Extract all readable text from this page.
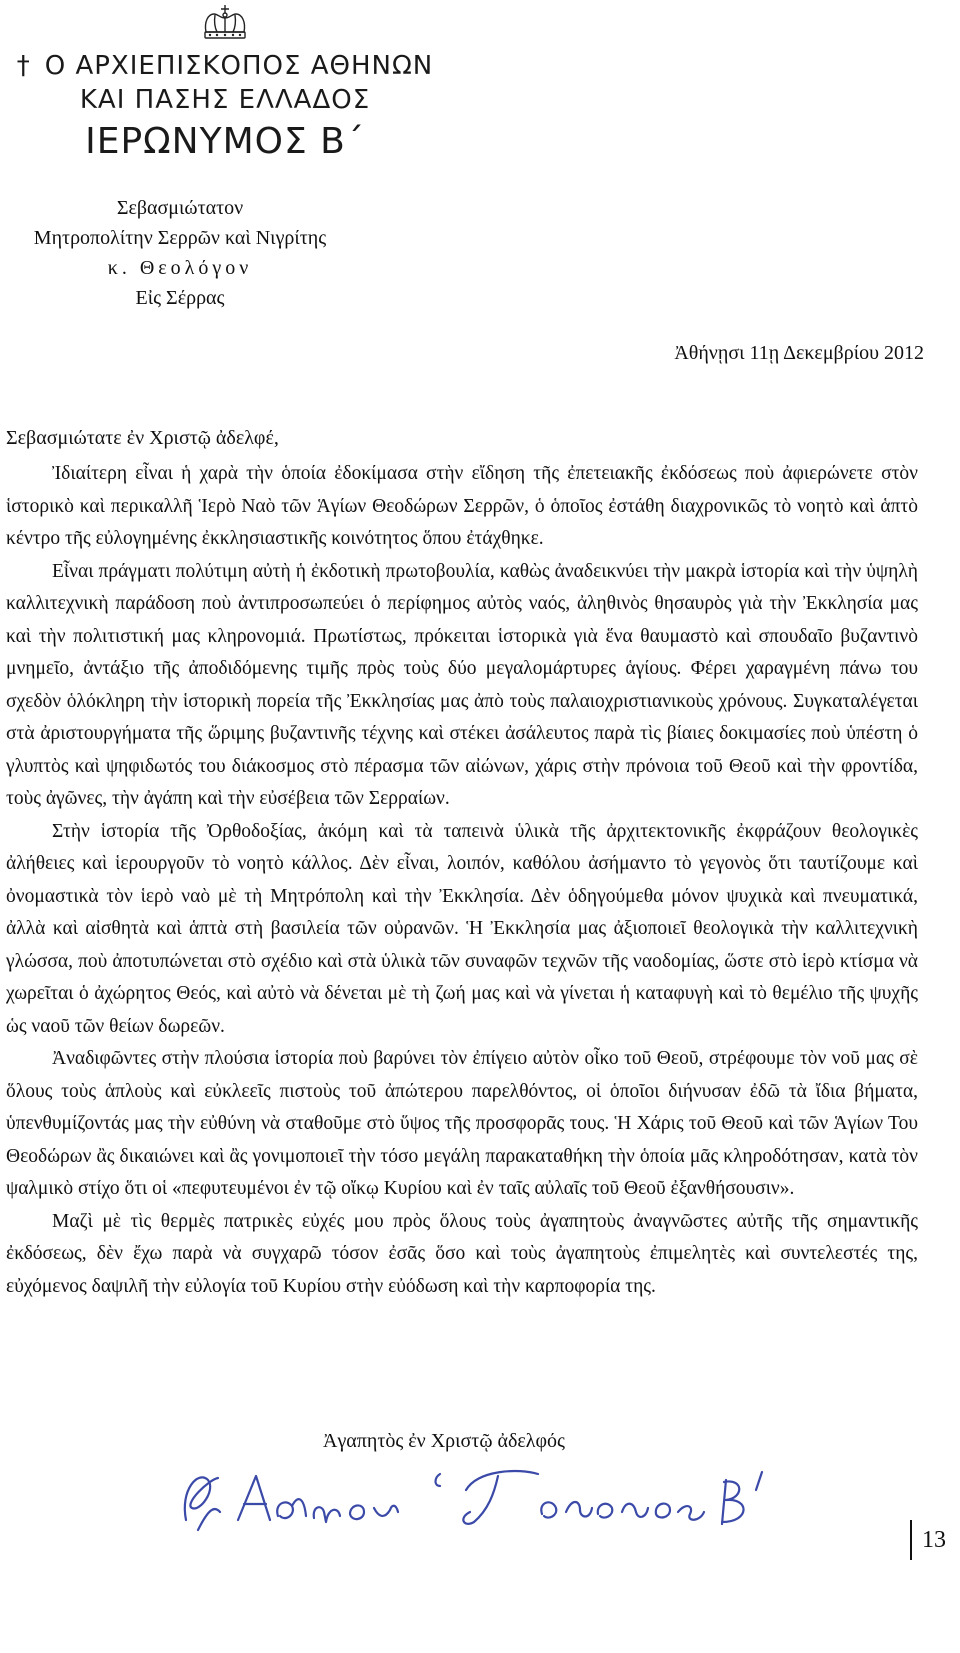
† Ο ΑΡΧΙΕΠΙΣΚΟΠΟΣ ΑΘΗΝΩΝ
ΚΑΙ ΠΑΣΗΣ ΕΛΛΑΔΟΣ
ΙΕΡΩΝΥΜΟΣ Β΄
Σεβασμιώτατον
Μητροπολίτην Σερρῶν καὶ Νιγρίτης
κ. Θεολόγον
Εἰς Σέρρας
Ἀθήνῃσι 11ῃ Δεκεμβρίου 2012
Σεβασμιώτατε ἐν Χριστῷ ἀδελφέ,

Ἰδιαίτερη εἶναι ἡ χαρὰ τὴν ὁποία ἐδοκίμασα στὴν εἴδηση τῆς ἐπετειακῆς ἐκδόσεως ποὺ ἀφιερώνετε στὸν ἱστορικὸ καὶ περικαλλῆ Ἱερὸ Ναὸ τῶν Ἁγίων Θεοδώρων Σερρῶν, ὁ ὁποῖος ἐστάθη διαχρονικῶς τὸ νοητὸ καὶ ἁπτὸ κέντρο τῆς εὐλογημένης ἐκκλησιαστικῆς κοινότητος ὅπου ἐτάχθηκε.

Εἶναι πράγματι πολύτιμη αὐτὴ ἡ ἐκδοτικὴ πρωτοβουλία, καθὼς ἀναδεικνύει τὴν μακρὰ ἱστορία καὶ τὴν ὑψηλὴ καλλιτεχνικὴ παράδοση ποὺ ἀντιπροσωπεύει ὁ περίφημος αὐτὸς ναός, ἀληθινὸς θησαυρὸς γιὰ τὴν Ἐκκλησία μας καὶ τὴν πολιτιστική μας κληρονομιά. Πρωτίστως, πρόκειται ἱστορικὰ γιὰ ἕνα θαυμαστὸ καὶ σπουδαῖο βυζαντινὸ μνημεῖο, ἀντάξιο τῆς ἀποδιδόμενης τιμῆς πρὸς τοὺς δύο μεγαλομάρτυρες ἁγίους. Φέρει χαραγμένη πάνω του σχεδὸν ὁλόκληρη τὴν ἱστορικὴ πορεία τῆς Ἐκκλησίας μας ἀπὸ τοὺς παλαιοχριστιανικοὺς χρόνους. Συγκαταλέγεται στὰ ἀριστουργήματα τῆς ὥριμης βυζαντινῆς τέχνης καὶ στέκει ἀσάλευτος παρὰ τὶς βίαιες δοκιμασίες ποὺ ὑπέστη ὁ γλυπτὸς καὶ ψηφιδωτός του διάκοσμος στὸ πέρασμα τῶν αἰώνων, χάρις στὴν πρόνοια τοῦ Θεοῦ καὶ τὴν φροντίδα, τοὺς ἀγῶνες, τὴν ἀγάπη καὶ τὴν εὐσέβεια τῶν Σερραίων.

Στὴν ἱστορία τῆς Ὀρθοδοξίας, ἀκόμη καὶ τὰ ταπεινὰ ὑλικὰ τῆς ἀρχιτεκτονικῆς ἐκφράζουν θεολογικὲς ἀλήθειες καὶ ἱερουργοῦν τὸ νοητὸ κάλλος. Δὲν εἶναι, λοιπόν, καθόλου ἀσήμαντο τὸ γεγονὸς ὅτι ταυτίζουμε καὶ ὀνομαστικὰ τὸν ἱερὸ ναὸ μὲ τὴ Μητρόπολη καὶ τὴν Ἐκκλησία. Δὲν ὁδηγούμεθα μόνον ψυχικὰ καὶ πνευματικά, ἀλλὰ καὶ αἰσθητὰ καὶ ἁπτὰ στὴ βασιλεία τῶν οὐρανῶν. Ἡ Ἐκκλησία μας ἀξιοποιεῖ θεολογικὰ τὴν καλλιτεχνικὴ γλώσσα, ποὺ ἀποτυπώνεται στὸ σχέδιο καὶ στὰ ὑλικὰ τῶν συναφῶν τεχνῶν τῆς ναοδομίας, ὥστε στὸ ἱερὸ κτίσμα νὰ χωρεῖται ὁ ἀχώρητος Θεός, καὶ αὐτὸ νὰ δένεται μὲ τὴ ζωή μας καὶ νὰ γίνεται ἡ καταφυγὴ καὶ τὸ θεμέλιο τῆς ψυχῆς ὡς ναοῦ τῶν θείων δωρεῶν.

Ἀναδιφῶντες στὴν πλούσια ἱστορία ποὺ βαρύνει τὸν ἐπίγειο αὐτὸν οἶκο τοῦ Θεοῦ, στρέφουμε τὸν νοῦ μας σὲ ὅλους τοὺς ἁπλοὺς καὶ εὐκλεεῖς πιστοὺς τοῦ ἀπώτερου παρελθόντος, οἱ ὁποῖοι διήνυσαν ἐδῶ τὰ ἴδια βήματα, ὑπενθυμίζοντάς μας τὴν εὐθύνη νὰ σταθοῦμε στὸ ὕψος τῆς προσφορᾶς τους. Ἡ Χάρις τοῦ Θεοῦ καὶ τῶν Ἁγίων Του Θεοδώρων ἂς δικαιώνει καὶ ἂς γονιμοποιεῖ τὴν τόσο μεγάλη παρακαταθήκη τὴν ὁποία μᾶς κληροδότησαν, κατὰ τὸν ψαλμικὸ στίχο ὅτι οἱ «πεφυτευμένοι ἐν τῷ οἴκῳ Κυρίου καὶ ἐν ταῖς αὐλαῖς τοῦ Θεοῦ ἐξανθήσουσιν».

Μαζὶ μὲ τὶς θερμὲς πατρικὲς εὐχές μου πρὸς ὅλους τοὺς ἀγαπητοὺς ἀναγνῶστες αὐτῆς τῆς σημαντικῆς ἐκδόσεως, δὲν ἔχω παρὰ νὰ συγχαρῶ τόσον ἐσᾶς ὅσο καὶ τοὺς ἀγαπητοὺς ἐπιμελητὲς καὶ συντελεστές της, εὐχόμενος δαψιλῆ τὴν εὐλογία τοῦ Κυρίου στὴν εὐόδωση καὶ τὴν καρποφορία της.

Ἀγαπητὸς ἐν Χριστῷ ἀδελφός
13
